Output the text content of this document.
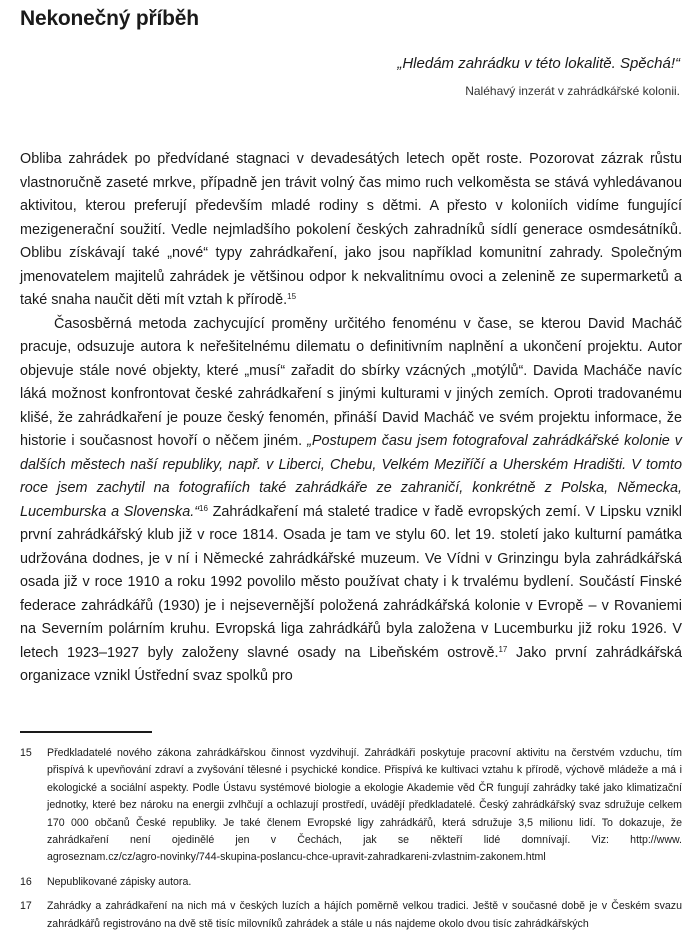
Nekonečný příběh
„Hledám zahrádku v této lokalitě. Spěchá!“
Naléhavý inzerát v zahrádkářské kolonii.

Obliba zahrádek po předvídané stagnaci v devadesátých letech opět roste. Pozorovat zázrak růstu vlastnoručně zaseté mrkve, případně jen trávit volný čas mimo ruch velkoměsta se stává vyhledávanou aktivitou, kterou preferují především mladé rodiny s dětmi. A přesto v koloniích vidíme fungující mezigenerační soužití. Vedle nejmladšího pokolení českých zahradníků sídlí generace osmdesátníků. Oblibu získávají také „nové“ typy zahrádkaření, jako jsou například komunitní zahrady. Společným jmenovatelem majitelů zahrádek je většinou odpor k nekvalitnímu ovoci a zelenině ze supermarketů a také snaha naučit děti mít vztah k přírodě.$^{15}$

Časosběrná metoda zachycující proměny určitého fenoménu v čase, se kterou David Macháč pracuje, odsuzuje autora k neřešitelnému dilematu o definitivním naplnění a ukončení projektu. Autor objevuje stále nové objekty, které „musí“ zařadit do sbírky vzácných „motýlů“. Davida Macháče navíc láká možnost konfrontovat české zahrádkaření s jinými kulturami v jiných zemích. Oproti tradovanému klišé, že zahrádkaření je pouze český fenomén, přináší David Macháč ve svém projektu informace, že historie i současnost hovoří o něčem jiném. „Postupem času jsem fotografoval zahrádkářské kolonie v dalších městech naší republiky, např. v Liberci, Chebu, Velkém Meziříčí a Uherském Hradišti. V tomto roce jsem zachytil na fotografiích také zahrádkáře ze zahraničí, konkrétně z Polska, Německa, Lucemburska a Slovenska.“$^{16}$ Zahrádkaření má staleté tradice v řadě evropských zemí. V Lipsku vznikl první zahrádkářský klub již v roce 1814. Osada je tam ve stylu 60. let 19. století jako kulturní památka udržována dodnes, je v ní i Německé zahrádkářské muzeum. Ve Vídni v Grinzingu byla zahrádkářská osada již v roce 1910 a roku 1992 povolilo město používat chaty i k trvalému bydlení. Součástí Finské federace zahrádkářů (1930) je i nejsevernější položená zahrádkářská kolonie v Evropě – v Rovaniemi na Severním polárním kruhu. Evropská liga zahrádkářů byla založena v Lucemburku již roku 1926. V letech 1923–1927 byly založeny slavné osady na Libeňském ostrově.$^{17}$ Jako první zahrádkářská organizace vznikl Ústřední svaz spolků pro

15	Předkladatelé nového zákona zahrádkářskou činnost vyzdvihují. Zahrádkáři poskytuje pracovní aktivitu na čerstvém vzduchu, tím přispívá k upevňování zdraví a zvyšování tělesné i psychické kondice. Přispívá ke kultivaci vztahu k přírodě, výchově mládeže a má i ekologické a sociální aspekty. Podle Ústavu systémové biologie a ekologie Akademie věd ČR fungují zahrádky také jako klimatizační jednotky, které bez nároku na energii zvlhčují a ochlazují prostředí, uvádějí předkladatelé. Český zahrádkářský svaz sdružuje celkem 170 000 občanů České republiky. Je také členem Evropské ligy zahrádkářů, která sdružuje 3,5 milionu lidí. To dokazuje, že zahrádkaření není ojedinělé jen v Čechách, jak se někteří lidé domnívají. Viz: http://www. agroseznam.cz/cz/agro-novinky/744-skupina-poslancu-chce-upravit-zahradkareni-zvlastnim-zakonem.html
16	Nepublikované zápisky autora.
17	Zahrádky a zahrádkaření na nich má v českých luzích a hájích poměrně velkou tradici. Ještě v současné době je v Českém svazu zahrádkářů registrováno na dvě stě tisíc milovníků zahrádek a stále u nás najdeme okolo dvou tisíc zahrádkářských
